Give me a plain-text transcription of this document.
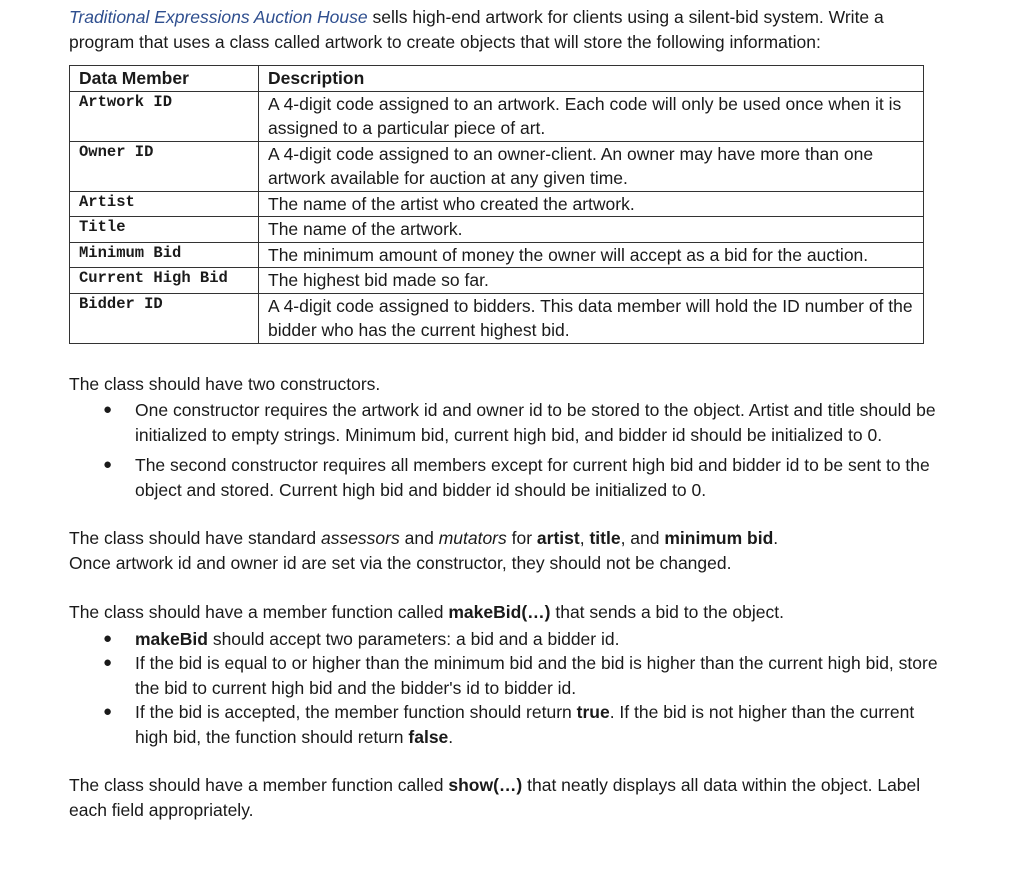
Traditional Expressions Auction House sells high-end artwork for clients using a silent-bid system. Write a program that uses a class called artwork to create objects that will store the following information:

Data Member	Description
Artwork ID	A 4-digit code assigned to an artwork. Each code will only be used once when it is assigned to a particular piece of art.
Owner ID	A 4-digit code assigned to an owner-client. An owner may have more than one artwork available for auction at any given time.
Artist	The name of the artist who created the artwork.
Title	The name of the artwork.
Minimum Bid	The minimum amount of money the owner will accept as a bid for the auction.
Current High Bid	The highest bid made so far.
Bidder ID	A 4-digit code assigned to bidders. This data member will hold the ID number of the bidder who has the current highest bid.

The class should have two constructors.

● One constructor requires the artwork id and owner id to be stored to the object. Artist and title should be initialized to empty strings. Minimum bid, current high bid, and bidder id should be initialized to 0.
● The second constructor requires all members except for current high bid and bidder id to be sent to the object and stored. Current high bid and bidder id should be initialized to 0.

The class should have standard assessors and mutators for artist, title, and minimum bid.

Once artwork id and owner id are set via the constructor, they should not be changed.

The class should have a member function called makeBid(…) that sends a bid to the object.

● makeBid should accept two parameters: a bid and a bidder id.
● If the bid is equal to or higher than the minimum bid and the bid is higher than the current high bid, store the bid to current high bid and the bidder's id to bidder id.
● If the bid is accepted, the member function should return true. If the bid is not higher than the current high bid, the function should return false.

The class should have a member function called show(…) that neatly displays all data within the object. Label each field appropriately.
